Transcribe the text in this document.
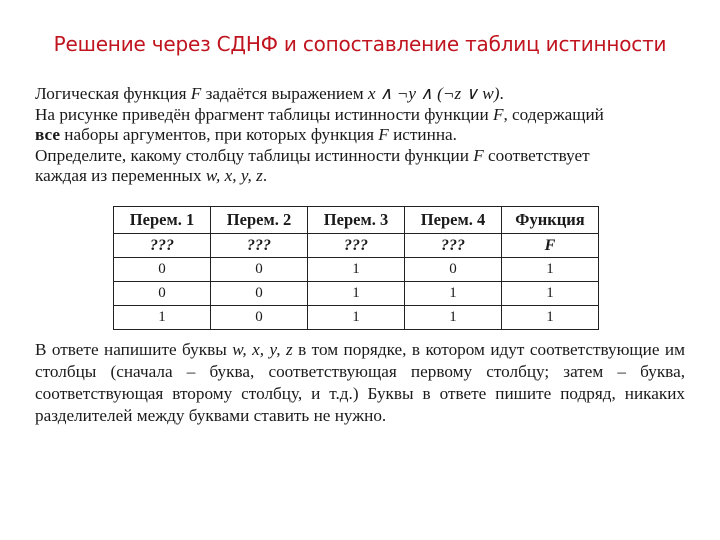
Решение через СДНФ и сопоставление таблиц истинности

Логическая функция F задаётся выражением x ∧ ¬y ∧ (¬z ∨ w).

На рисунке приведён фрагмент таблицы истинности функции F, содержащий

все наборы аргументов, при которых функция F истинна.

Определите, какому столбцу таблицы истинности функции F соответствует

каждая из переменных w, x, y, z.

Перем. 1	Перем. 2	Перем. 3	Перем. 4	Функция
???	???	???	???	F
0	0	1	0	1
0	0	1	1	1
1	0	1	1	1
В ответе напишите буквы w, x, y, z в том порядке, в котором идут соответствующие им столбцы (сначала – буква, соответствующая первому столбцу; затем – буква, соответствующая второму столбцу, и т.д.) Буквы в ответе пишите подряд, никаких разделителей между буквами ставить не нужно.
